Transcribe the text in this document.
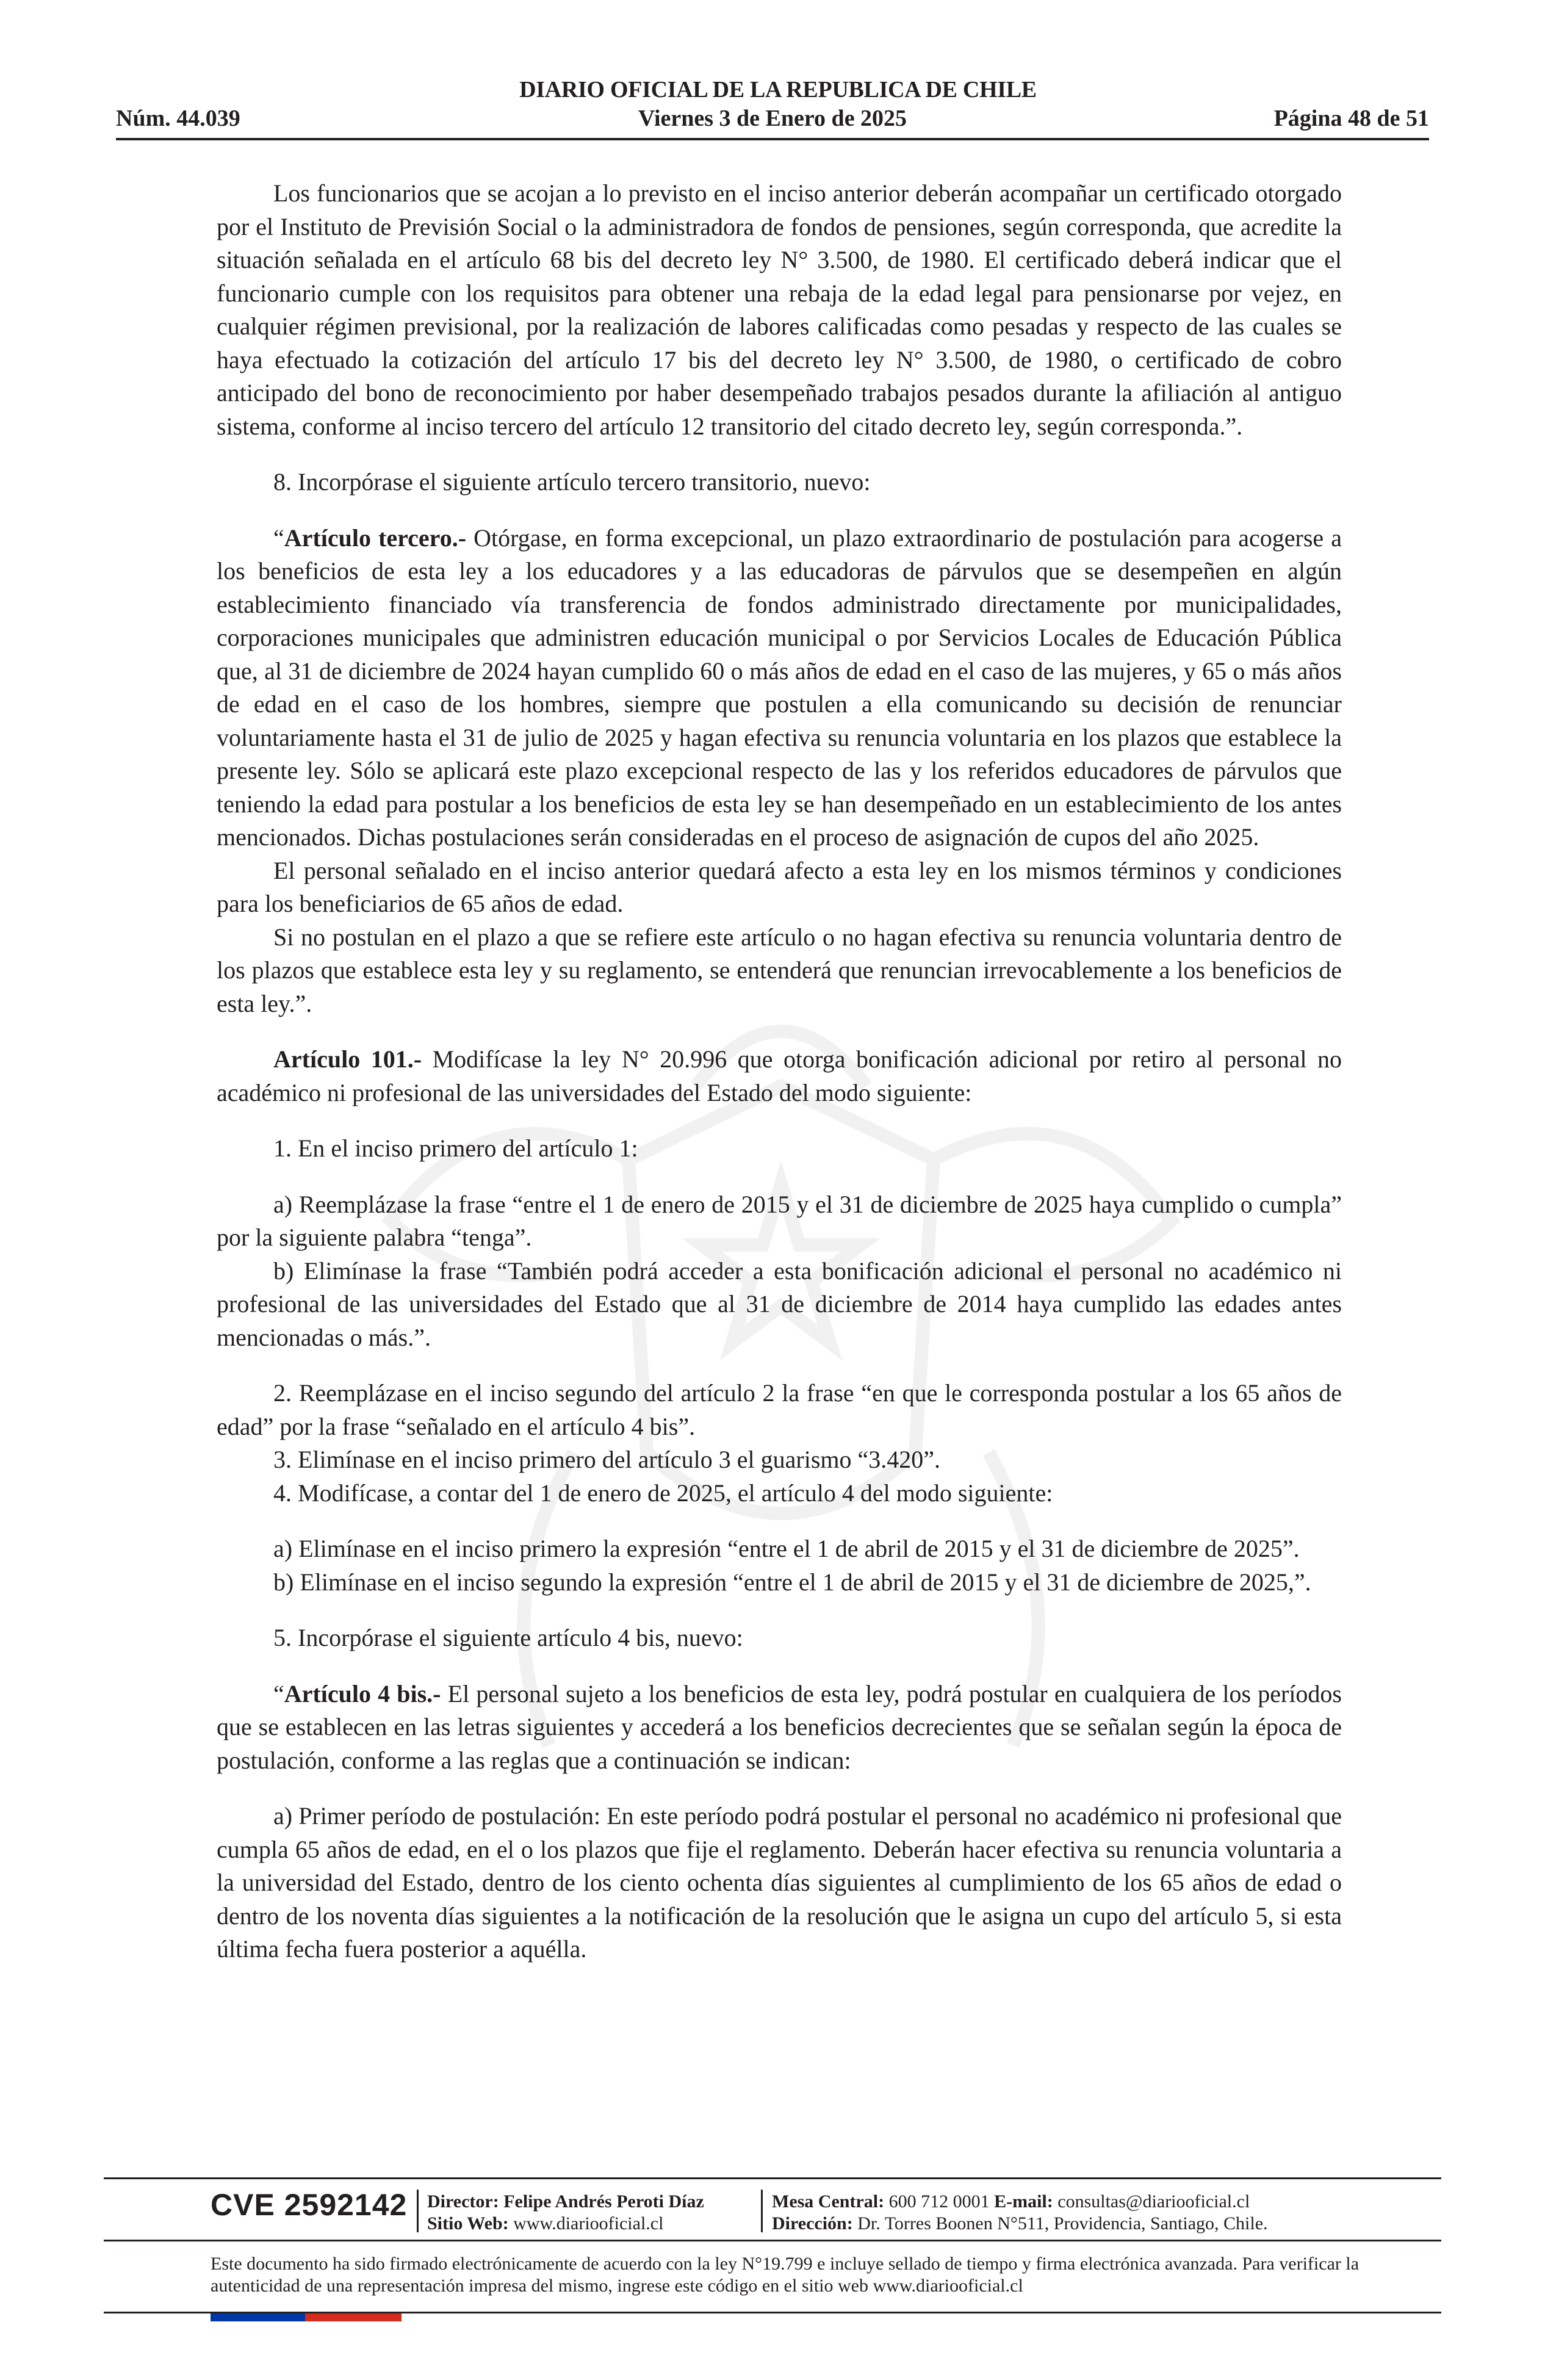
DIARIO OFICIAL DE LA REPUBLICA DE CHILE
Núm. 44.039	Viernes 3 de Enero de 2025	Página 48 de 51

Los funcionarios que se acojan a lo previsto en el inciso anterior deberán acompañar un certificado otorgado por el Instituto de Previsión Social o la administradora de fondos de pensiones, según corresponda, que acredite la situación señalada en el artículo 68 bis del decreto ley N° 3.500, de 1980. El certificado deberá indicar que el funcionario cumple con los requisitos para obtener una rebaja de la edad legal para pensionarse por vejez, en cualquier régimen previsional, por la realización de labores calificadas como pesadas y respecto de las cuales se haya efectuado la cotización del artículo 17 bis del decreto ley N° 3.500, de 1980, o certificado de cobro anticipado del bono de reconocimiento por haber desempeñado trabajos pesados durante la afiliación al antiguo sistema, conforme al inciso tercero del artículo 12 transitorio del citado decreto ley, según corresponda.”.

8. Incorpórase el siguiente artículo tercero transitorio, nuevo:

“Artículo tercero.- Otórgase, en forma excepcional, un plazo extraordinario de postulación para acogerse a los beneficios de esta ley a los educadores y a las educadoras de párvulos que se desempeñen en algún establecimiento financiado vía transferencia de fondos administrado directamente por municipalidades, corporaciones municipales que administren educación municipal o por Servicios Locales de Educación Pública que, al 31 de diciembre de 2024 hayan cumplido 60 o más años de edad en el caso de las mujeres, y 65 o más años de edad en el caso de los hombres, siempre que postulen a ella comunicando su decisión de renunciar voluntariamente hasta el 31 de julio de 2025 y hagan efectiva su renuncia voluntaria en los plazos que establece la presente ley. Sólo se aplicará este plazo excepcional respecto de las y los referidos educadores de párvulos que teniendo la edad para postular a los beneficios de esta ley se han desempeñado en un establecimiento de los antes mencionados. Dichas postulaciones serán consideradas en el proceso de asignación de cupos del año 2025.

El personal señalado en el inciso anterior quedará afecto a esta ley en los mismos términos y condiciones para los beneficiarios de 65 años de edad.

Si no postulan en el plazo a que se refiere este artículo o no hagan efectiva su renuncia voluntaria dentro de los plazos que establece esta ley y su reglamento, se entenderá que renuncian irrevocablemente a los beneficios de esta ley.”.

Artículo 101.- Modifícase la ley N° 20.996 que otorga bonificación adicional por retiro al personal no académico ni profesional de las universidades del Estado del modo siguiente:

1. En el inciso primero del artículo 1:

a) Reemplázase la frase “entre el 1 de enero de 2015 y el 31 de diciembre de 2025 haya cumplido o cumpla” por la siguiente palabra “tenga”.

b) Elimínase la frase “También podrá acceder a esta bonificación adicional el personal no académico ni profesional de las universidades del Estado que al 31 de diciembre de 2014 haya cumplido las edades antes mencionadas o más.”.

2. Reemplázase en el inciso segundo del artículo 2 la frase “en que le corresponda postular a los 65 años de edad” por la frase “señalado en el artículo 4 bis”.

3. Elimínase en el inciso primero del artículo 3 el guarismo “3.420”.

4. Modifícase, a contar del 1 de enero de 2025, el artículo 4 del modo siguiente:

a) Elimínase en el inciso primero la expresión “entre el 1 de abril de 2015 y el 31 de diciembre de 2025”.

b) Elimínase en el inciso segundo la expresión “entre el 1 de abril de 2015 y el 31 de diciembre de 2025,”.

5. Incorpórase el siguiente artículo 4 bis, nuevo:

“Artículo 4 bis.- El personal sujeto a los beneficios de esta ley, podrá postular en cualquiera de los períodos que se establecen en las letras siguientes y accederá a los beneficios decrecientes que se señalan según la época de postulación, conforme a las reglas que a continuación se indican:

a) Primer período de postulación: En este período podrá postular el personal no académico ni profesional que cumpla 65 años de edad, en el o los plazos que fije el reglamento. Deberán hacer efectiva su renuncia voluntaria a la universidad del Estado, dentro de los ciento ochenta días siguientes al cumplimiento de los 65 años de edad o dentro de los noventa días siguientes a la notificación de la resolución que le asigna un cupo del artículo 5, si esta última fecha fuera posterior a aquélla.

CVE 2592142 Director: Felipe Andrés Peroti Díaz
Sitio Web: www.diariooficial.cl
Mesa Central: 600 712 0001 E-mail: consultas@diariooficial.cl
Dirección: Dr. Torres Boonen N°511, Providencia, Santiago, Chile.
Este documento ha sido firmado electrónicamente de acuerdo con la ley N°19.799 e incluye sellado de tiempo y firma electrónica avanzada. Para verificar la autenticidad de una representación impresa del mismo, ingrese este código en el sitio web www.diariooficial.cl
